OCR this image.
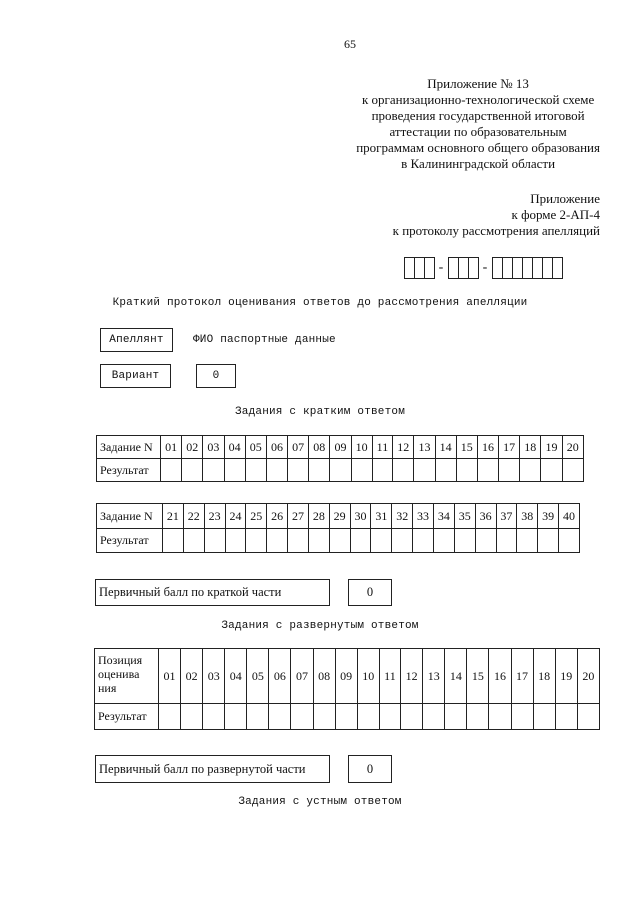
65
Приложение № 13
к организационно-технологической схеме
проведения государственной итоговой
аттестации по образовательным
программам основного общего образования
в Калининградской области
Приложение
к форме 2-АП-4
к протоколу рассмотрения апелляций
-	-
Краткий протокол оценивания ответов до рассмотрения апелляции
Апеллянт	ФИО паспортные данные
Вариант	0
Задания с кратким ответом
Задание N	01	02	03	04	05	06	07	08	09	10	11	12	13	14	15	16	17	18	19	20
Результат																				
Задание N	21	22	23	24	25	26	27	28	29	30	31	32	33	34	35	36	37	38	39	40
Результат																				
Первичный балл по краткой части	0
Задания с развернутым ответом
Позиция
оценива
ния	01	02	03	04	05	06	07	08	09	10	11	12	13	14	15	16	17	18	19	20
Результат																				
Первичный балл по развернутой части	0
Задания с устным ответом
